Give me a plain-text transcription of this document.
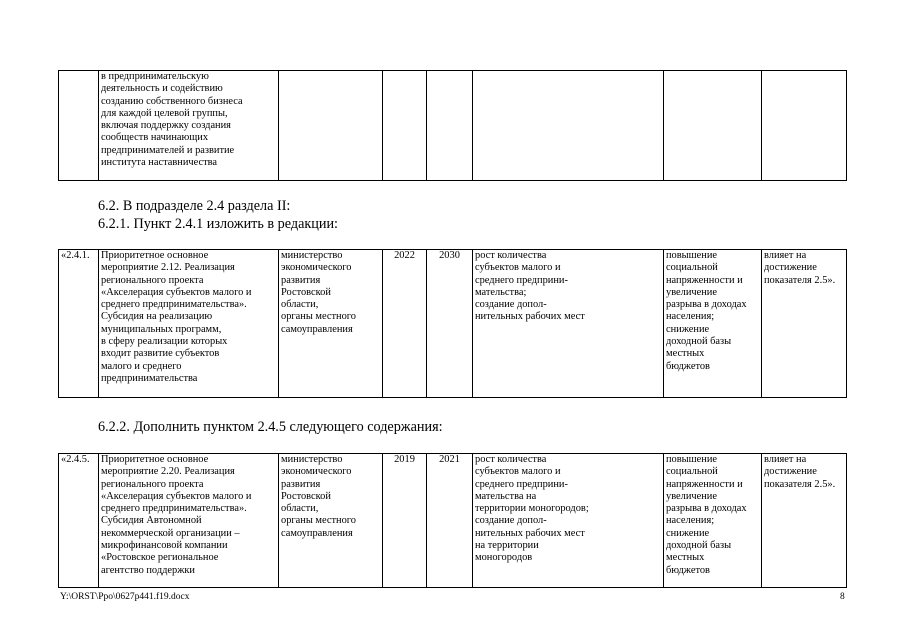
	в предпринимательскую
деятельность и содействию
созданию собственного бизнеса
для каждой целевой группы,
включая поддержку создания
сообществ начинающих
предпринимателей и развитие
института наставничества						
6.2. В подразделе 2.4 раздела II:
6.2.1. Пункт 2.4.1 изложить в редакции:
«2.4.1.	Приоритетное основное
мероприятие 2.12. Реализация
регионального проекта
«Акселерация субъектов малого и
среднего предпринимательства».
Субсидия на реализацию
муниципальных программ,
в сферу реализации которых
входит развитие субъектов
малого и среднего
предпринимательства	министерство
экономического
развития
Ростовской
области,
органы местного
самоуправления	2022	2030	рост количества
субъектов малого и
среднего предприни-
мательства;
создание допол-
нительных рабочих мест	повышение
социальной
напряженности и
увеличение
разрыва в доходах
населения;
снижение
доходной базы
местных
бюджетов	влияет на
достижение
показателя 2.5».
6.2.2. Дополнить пунктом 2.4.5 следующего содержания:
«2.4.5.	Приоритетное основное
мероприятие 2.20. Реализация
регионального проекта
«Акселерация субъектов малого и
среднего предпринимательства».
Субсидия Автономной
некоммерческой организации –
микрофинансовой компании
«Ростовское региональное
агентство поддержки	министерство
экономического
развития
Ростовской
области,
органы местного
самоуправления	2019	2021	рост количества
субъектов малого и
среднего предприни-
мательства на
территории моногородов;
создание допол-
нительных рабочих мест
на территории
моногородов	повышение
социальной
напряженности и
увеличение
разрыва в доходах
населения;
снижение
доходной базы
местных
бюджетов	влияет на
достижение
показателя 2.5».
Y:\ORST\Ppo\0627p441.f19.docx	8
